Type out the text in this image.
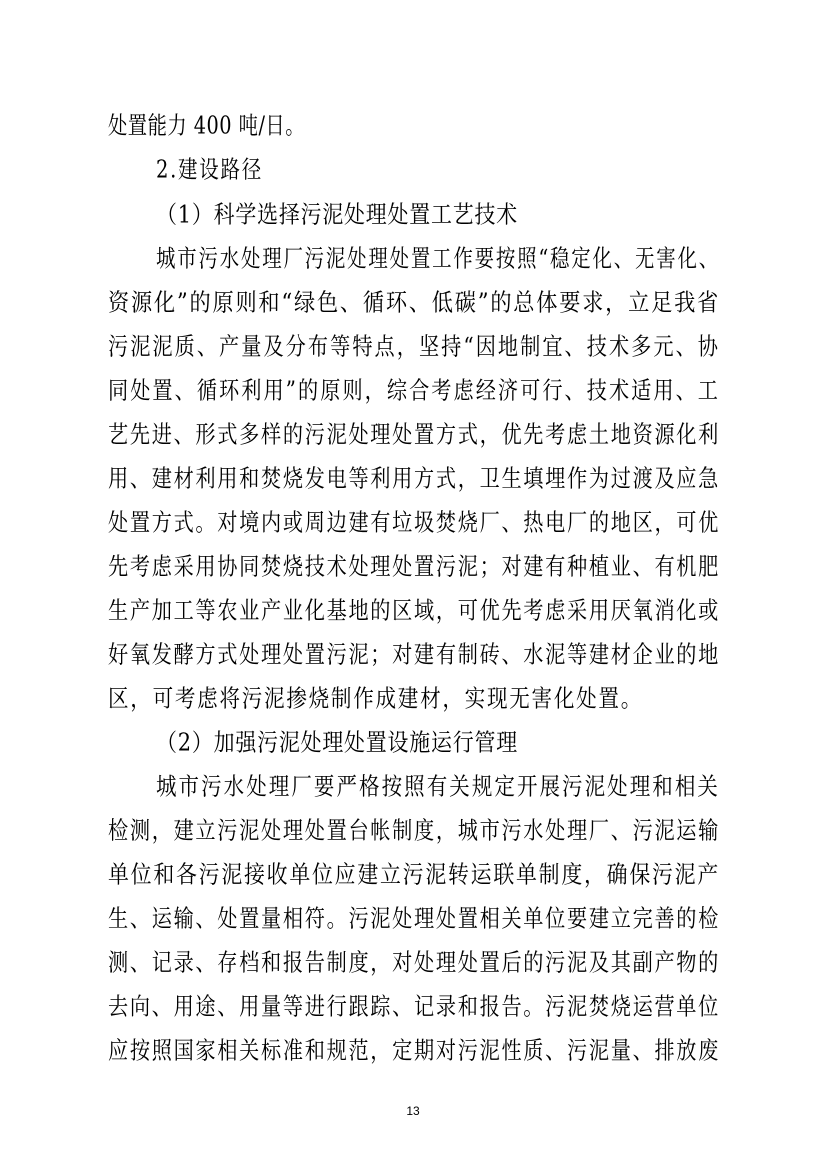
处置能力 400 吨/日。
2.建设路径
（1）科学选择污泥处理处置工艺技术
城市污水处理厂污泥处理处置工作要按照“稳定化、无害化、
资源化”的原则和“绿色、循环、低碳”的总体要求，立足我省
污泥泥质、产量及分布等特点，坚持“因地制宜、技术多元、协
同处置、循环利用”的原则，综合考虑经济可行、技术适用、工
艺先进、形式多样的污泥处理处置方式，优先考虑土地资源化利
用、建材利用和焚烧发电等利用方式，卫生填埋作为过渡及应急
处置方式。对境内或周边建有垃圾焚烧厂、热电厂的地区，可优
先考虑采用协同焚烧技术处理处置污泥；对建有种植业、有机肥
生产加工等农业产业化基地的区域，可优先考虑采用厌氧消化或
好氧发酵方式处理处置污泥；对建有制砖、水泥等建材企业的地
区，可考虑将污泥掺烧制作成建材，实现无害化处置。
（2）加强污泥处理处置设施运行管理
城市污水处理厂要严格按照有关规定开展污泥处理和相关
检测，建立污泥处理处置台帐制度，城市污水处理厂、污泥运输
单位和各污泥接收单位应建立污泥转运联单制度，确保污泥产
生、运输、处置量相符。污泥处理处置相关单位要建立完善的检
测、记录、存档和报告制度，对处理处置后的污泥及其副产物的
去向、用途、用量等进行跟踪、记录和报告。污泥焚烧运营单位
应按照国家相关标准和规范，定期对污泥性质、污泥量、排放废
13
